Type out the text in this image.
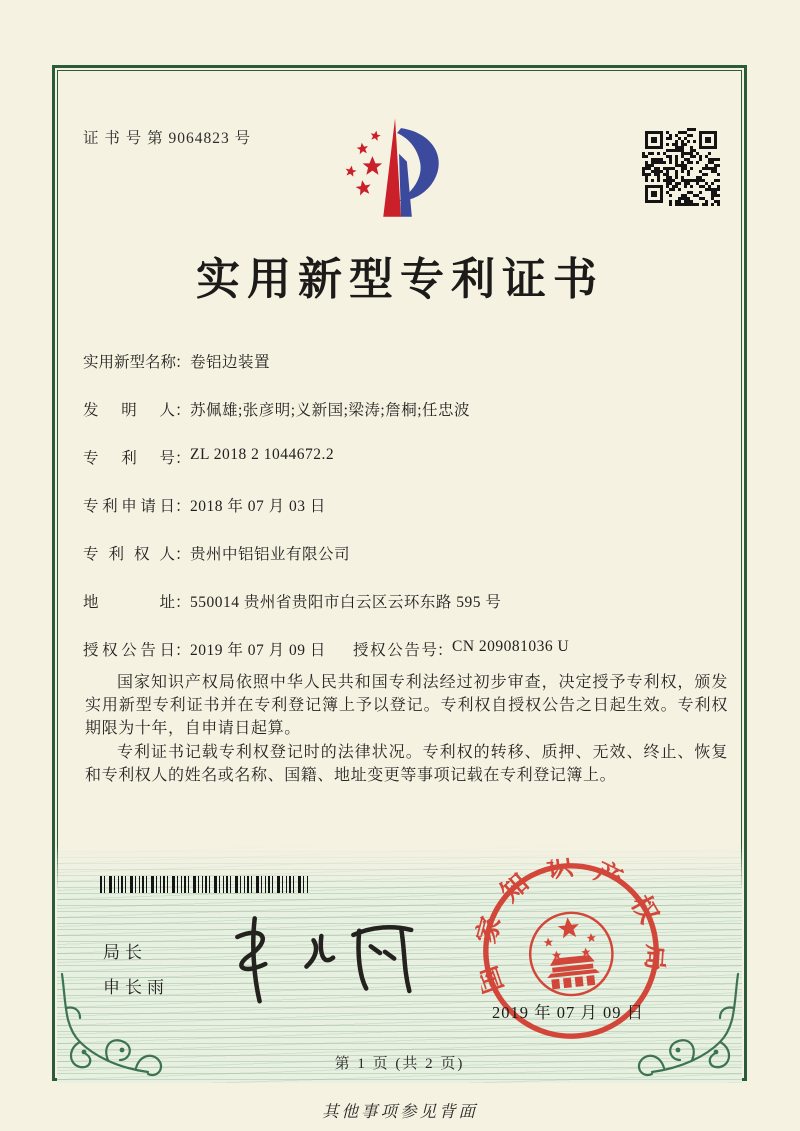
证 书 号 第 9064823 号
实用新型专利证书
实用新型名称：卷铝边装置
发明人：苏佩雄;张彦明;义新国;梁涛;詹桐;任忠波
专利号：ZL 2018 2 1044672.2
专利申请日：2018 年 07 月 03 日
专利权人：贵州中铝铝业有限公司
地址：550014 贵州省贵阳市白云区云环东路 595 号
授权公告日：2019 年 07 月 09 日 授权公告号：CN 209081036 U

国家知识产权局依照中华人民共和国专利法经过初步审查，决定授予专利权，颁发实用新型专利证书并在专利登记簿上予以登记。专利权自授权公告之日起生效。专利权期限为十年，自申请日起算。

专利证书记载专利权登记时的法律状况。专利权的转移、质押、无效、终止、恢复和专利权人的姓名或名称、国籍、地址变更等事项记载在专利登记簿上。

局长
申长雨	国家知识产权局
2019 年 07 月 09 日
第 1 页 (共 2 页)
其他事项参见背面
